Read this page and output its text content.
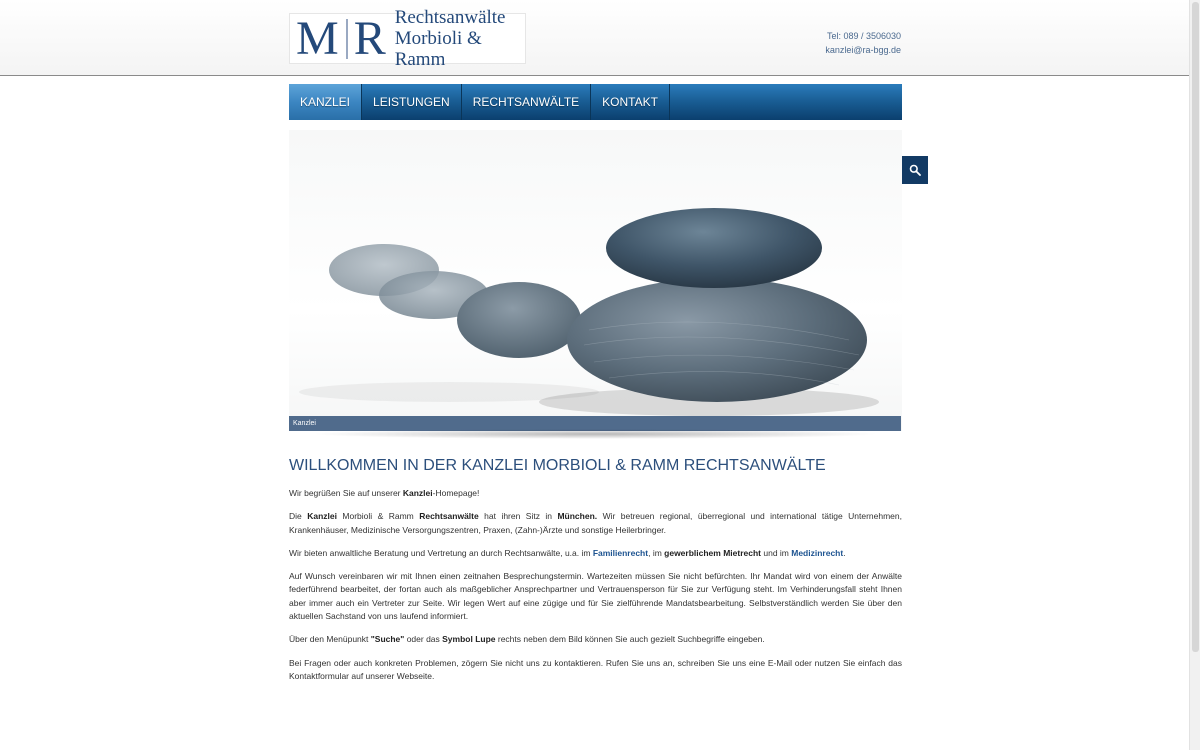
M R Rechtsanwälte
Morbioli & Ramm
Tel: 089 / 3506030
kanzlei@ra-bgg.de
KANZLEI	LEISTUNGEN	RECHTSANWÄLTE	KONTAKT
Kanzlei
WILLKOMMEN IN DER KANZLEI MORBIOLI & RAMM RECHTSANWÄLTE

Wir begrüßen Sie auf unserer Kanzlei-Homepage!

Die Kanzlei Morbioli & Ramm Rechtsanwälte hat ihren Sitz in München. Wir betreuen regional, überregional und international tätige Unternehmen, Krankenhäuser, Medizinische Versorgungszentren, Praxen, (Zahn-)Ärzte und sonstige Heilerbringer.

Wir bieten anwaltliche Beratung und Vertretung an durch Rechtsanwälte, u.a. im Familienrecht, im gewerblichem Mietrecht und im Medizinrecht.

Auf Wunsch vereinbaren wir mit Ihnen einen zeitnahen Besprechungstermin. Wartezeiten müssen Sie nicht befürchten. Ihr Mandat wird von einem der Anwälte federführend bearbeitet, der fortan auch als maßgeblicher Ansprechpartner und Vertrauensperson für Sie zur Verfügung steht. Im Verhinderungsfall steht Ihnen aber immer auch ein Vertreter zur Seite. Wir legen Wert auf eine zügige und für Sie zielführende Mandatsbearbeitung. Selbstverständlich werden Sie über den aktuellen Sachstand von uns laufend informiert.

Über den Menüpunkt "Suche" oder das Symbol Lupe rechts neben dem Bild können Sie auch gezielt Suchbegriffe eingeben.

Bei Fragen oder auch konkreten Problemen, zögern Sie nicht uns zu kontaktieren. Rufen Sie uns an, schreiben Sie uns eine E-Mail oder nutzen Sie einfach das Kontaktformular auf unserer Webseite.
